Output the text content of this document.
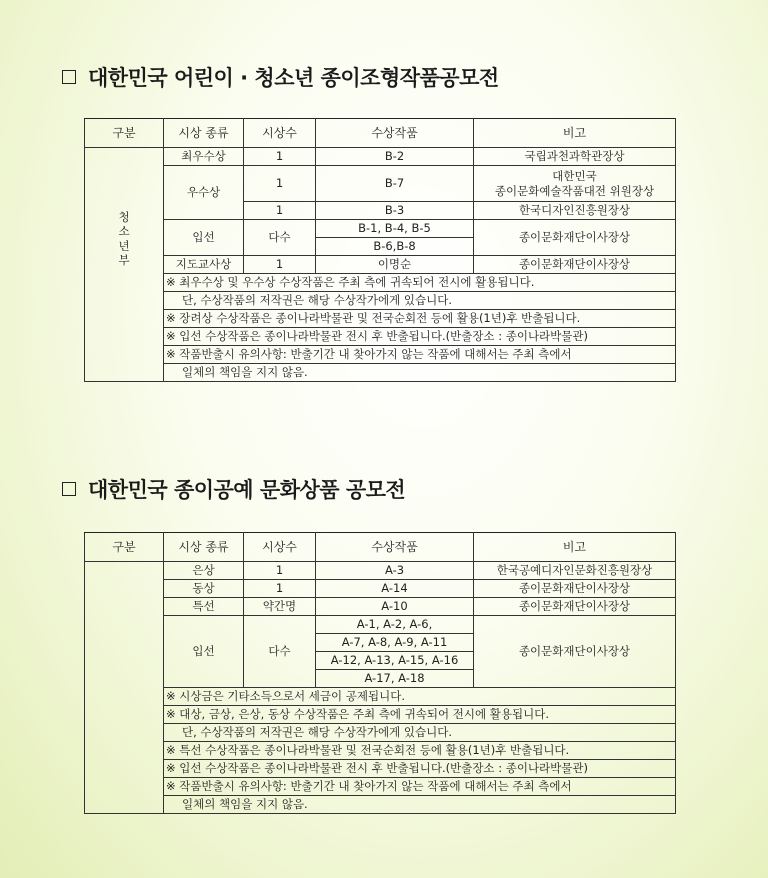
대한민국 어린이 · 청소년 종이조형작품공모전
구분	시상 종류	시상수	수상작품	비고

청
소
년
부	최우수상	1	B-2	국립과천과학관장상
	우수상	1	B-7	대한민국
종이문화예술작품대전 위원장상

		1	B-3	한국디자인진흥원장상
	입선	다수	B-1, B-4, B-5	종이문화재단이사장상
			B-6,B-8	
	지도교사상	1	이명순	종이문화재단이사장상
	※ 최우수상 및 우수상 수상작품은 주최 측에 귀속되어 전시에 활용됩니다.			
	단, 수상작품의 저작권은 해당 수상작가에게 있습니다.			
	※ 장려상 수상작품은 종이나라박물관 및 전국순회전 등에 활용(1년)후 반출됩니다.			
	※ 입선 수상작품은 종이나라박물관 전시 후 반출됩니다.(반출장소 : 종이나라박물관)			
	※ 작품반출시 유의사항: 반출기간 내 찾아가지 않는 작품에 대해서는 주최 측에서			
	일체의 책임을 지지 않음.			
대한민국 종이공예 문화상품 공모전
구분	시상 종류	시상수	수상작품	비고
	은상	1	A-3	한국공예디자인문화진흥원장상
	동상	1	A-14	종이문화재단이사장상
	특선	약간명	A-10	종이문화재단이사장상
	입선	다수	A-1, A-2, A-6,	종이문화재단이사장상
			A-7, A-8, A-9, A-11	
			A-12, A-13, A-15, A-16	
			A-17, A-18	
	※ 시상금은 기타소득으로서 세금이 공제됩니다.			
	※ 대상, 금상, 은상, 동상 수상작품은 주최 측에 귀속되어 전시에 활용됩니다.			
	단, 수상작품의 저작권은 해당 수상작가에게 있습니다.			
	※ 특선 수상작품은 종이나라박물관 및 전국순회전 등에 활용(1년)후 반출됩니다.			
	※ 입선 수상작품은 종이나라박물관 전시 후 반출됩니다.(반출장소 : 종이나라박물관)			
	※ 작품반출시 유의사항: 반출기간 내 찾아가지 않는 작품에 대해서는 주최 측에서			
	일체의 책임을 지지 않음.			
